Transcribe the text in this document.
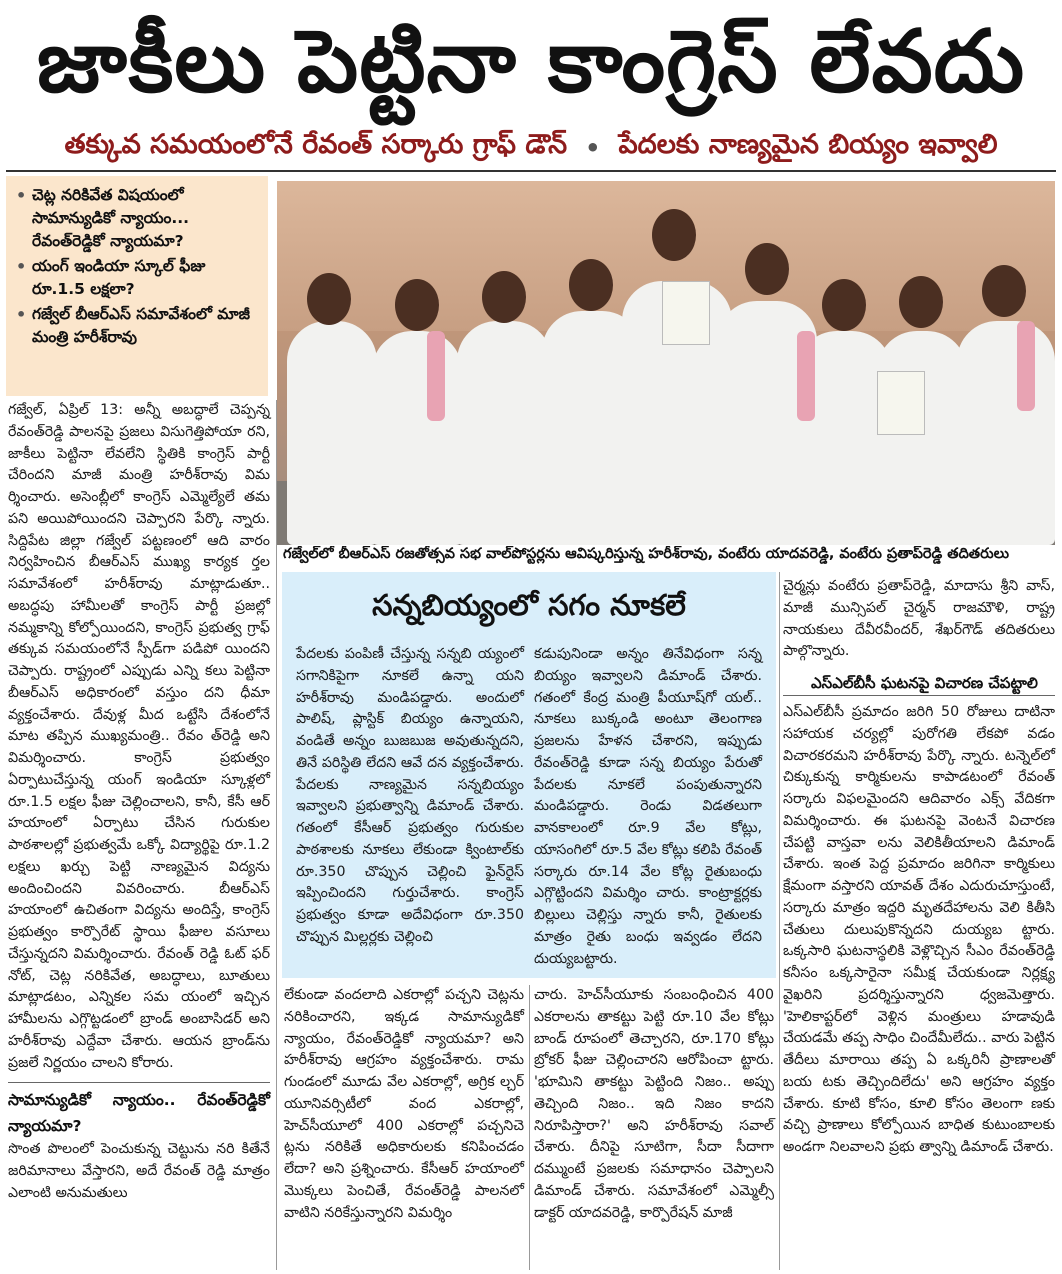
జాకీలు పెట్టినా కాంగ్రెస్ లేవదు
తక్కువ సమయంలోనే రేవంత్ సర్కారు గ్రాఫ్ డౌన్ • పేదలకు నాణ్యమైన బియ్యం ఇవ్వాలి
• చెట్ల నరికివేత విషయంలో సామాన్యుడికో న్యాయం... రేవంత్‌రెడ్డికో న్యాయమా?
• యంగ్ ఇండియా స్కూల్ ఫీజు రూ.1.5 లక్షలా?
• గజ్వేల్ బీఆర్ఎస్ సమావేశంలో మాజీ మంత్రి హరీశ్‌రావు
గజ్వేల్‌లో బీఆర్ఎస్ రజతోత్సవ సభ వాల్‌పోస్టర్లను ఆవిష్కరిస్తున్న హరీశ్‌రావు, వంటేరు యాదవరెడ్డి, వంటేరు ప్రతాప్‌రెడ్డి తదితరులు

గజ్వేల్, ఏప్రిల్ 13: అన్నీ అబద్ధాలే చెప్పన్న రేవంత్‌రెడ్డి పాలనపై ప్రజలు విసుగెత్తిపోయా రని, జాకీలు పెట్టినా లేవలేని స్థితికి కాంగ్రెస్ పార్టీ చేరిందని మాజీ మంత్రి హరీశ్‌రావు విమ ర్శించారు. అసెంబ్లీలో కాంగ్రెస్ ఎమ్మెల్యేలే తమ పని అయిపోయిందని చెప్పారని పేర్కొ న్నారు. సిద్దిపేట జిల్లా గజ్వేల్ పట్టణంలో ఆది వారం నిర్వహించిన బీఆర్ఎస్ ముఖ్య కార్యక ర్తల సమావేశంలో హరీశ్‌రావు మాట్లాడుతూ.. అబద్ధపు హామీలతో కాంగ్రెస్ పార్టీ ప్రజల్లో నమ్మకాన్ని కోల్పోయిందని, కాంగ్రెస్ ప్రభుత్వ గ్రాఫ్ తక్కువ సమయంలోనే స్పీడ్‌గా పడిపో యిందని చెప్పారు. రాష్ట్రంలో ఎప్పుడు ఎన్ని కలు పెట్టినా బీఆర్ఎస్ అధికారంలో వస్తుం దని ధీమా వ్యక్తంచేశారు. దేవుళ్ల మీద ఒట్టేసి దేశంలోనే మాట తప్పిన ముఖ్యమంత్రి.. రేవం త్‌రెడ్డి అని విమర్శించారు. కాంగ్రెస్ ప్రభుత్వం ఏర్పాటుచేస్తున్న యంగ్ ఇండియా స్కూళ్లలో రూ.1.5 లక్షల ఫీజు చెల్లించాలని, కానీ, కేసీ ఆర్ హయాంలో ఏర్పాటు చేసిన గురుకుల పాఠశాలల్లో ప్రభుత్వమే ఒక్కో విద్యార్థిపై రూ.1.2 లక్షలు ఖర్చు పెట్టి నాణ్యమైన విద్యను అందించిందని వివరించారు. బీఆర్ఎస్ హయాంలో ఉచితంగా విద్యను అందిస్తే, కాంగ్రెస్ ప్రభుత్వం కార్పొరేట్ స్థాయి ఫీజుల వసూలు చేస్తున్నదని విమర్శించారు. రేవంత్ రెడ్డి ఓట్ ఫర్ నోట్, చెట్ల నరికివేత, అబద్ధాలు, బూతులు మాట్లాడటం, ఎన్నికల సమ యంలో ఇచ్చిన హామీలను ఎగ్గొట్టడంలో బ్రాండ్ అంబాసిడర్ అని హరీశ్‌రావు ఎద్దేవా చేశారు. ఆయన బ్రాండ్‌ను ప్రజలే నిర్ణయం చాలని కోరారు.

సామాన్యుడికో న్యాయం.. రేవంత్‌రెడ్డికో న్యాయమా?

సొంత పొలంలో పెంచుకున్న చెట్టును నరి కితేనే జరిమానాలు వేస్తారని, అదే రేవంత్ రెడ్డి మాత్రం ఎలాంటి అనుమతులు

సన్నబియ్యంలో సగం నూకలే
పేదలకు పంపిణీ చేస్తున్న సన్నబి య్యంలో సగానికిపైగా నూకలే ఉన్నా యని హరీశ్‌రావు మండిపడ్డారు. అందులో పాలిష్, ప్లాస్టిక్ బియ్యం ఉన్నాయని, వండితే అన్నం బుజబుజ అవుతున్నదని, తినే పరిస్థితి లేదని ఆవే దన వ్యక్తంచేశారు. పేదలకు నాణ్యమైన సన్నబియ్యం ఇవ్వాలని ప్రభుత్వాన్ని డిమాండ్ చేశారు. గతంలో కేసీఆర్ ప్రభుత్వం గురుకుల పాఠశాలకు నూకలు లేకుండా క్వింటాల్‌కు రూ.350 చొప్పున చెల్లించి ఫైన్‌రైస్ ఇప్పించిందని గుర్తుచేశారు. కాంగ్రెస్ ప్రభుత్వం కూడా అదేవిధంగా రూ.350 చొప్పున మిల్లర్లకు చెల్లించి
కడుపునిండా అన్నం తినేవిధంగా సన్న బియ్యం ఇవ్వాలని డిమాండ్ చేశారు. గతంలో కేంద్ర మంత్రి పీయూష్‌గో యల్.. నూకలు బుక్కండి అంటూ తెలంగాణ ప్రజలను హేళన చేశారని, ఇప్పుడు రేవంత్‌రెడ్డి కూడా సన్న బియ్యం పేరుతో పేదలకు నూకలే పంపుతున్నారని మండిపడ్డారు. రెండు విడతలుగా వానకాలంలో రూ.9 వేల కోట్లు, యాసంగిలో రూ.5 వేల కోట్లు కలిపి రేవంత్ సర్కారు రూ.14 వేల కోట్ల రైతుబంధు ఎగ్గొట్టిందని విమర్శిం చారు. కాంట్రాక్టర్లకు బిల్లులు చెల్లిస్తు న్నారు కానీ, రైతులకు మాత్రం రైతు బంధు ఇవ్వడం లేదని దుయ్యబట్టారు.
లేకుండా వందలాది ఎకరాల్లో పచ్చని చెట్లను నరికించారని, ఇక్కడ సామాన్యుడికో న్యాయం, రేవంత్‌రెడ్డికో న్యాయమా? అని హరీశ్‌రావు ఆగ్రహం వ్యక్తంచేశారు. రామ గుండంలో మూడు వేల ఎకరాల్లో, అగ్రిక ల్చర్ యూనివర్సిటీలో వంద ఎకరాల్లో, హెచ్‌సీయూలో 400 ఎకరాల్లో పచ్చనిచె ట్లను నరికితే అధికారులకు కనిపించడం లేదా? అని ప్రశ్నించారు. కేసీఆర్ హయాంలో మొక్కలు పెంచితే, రేవంత్‌రెడ్డి పాలనలో వాటిని నరికేస్తున్నారని విమర్శిం
చారు. హెచ్‌సీయూకు సంబంధించిన 400 ఎకరాలను తాకట్టు పెట్టి రూ.10 వేల కోట్లు బాండ్ రూపంలో తెచ్చారని, రూ.170 కోట్లు బ్రోకర్ ఫీజు చెల్లించారని ఆరోపించా ట్టారు. 'భూమిని తాకట్టు పెట్టింది నిజం.. అప్పు తెచ్చింది నిజం.. ఇది నిజం కాదని నిరూపిస్తారా?' అని హరీశ్‌రావు సవాల్ చేశారు. దీనిపై సూటిగా, సీదా సీదాగా దమ్ముంటే ప్రజలకు సమాధానం చెప్పాలని డిమాండ్ చేశారు. సమావేశంలో ఎమ్మెల్సీ డాక్టర్ యాదవరెడ్డి, కార్పొరేషన్ మాజీ

చైర్మన్లు వంటేరు ప్రతాప్‌రెడ్డి, మాదాసు శ్రీని వాస్, మాజీ మున్సిపల్ చైర్మన్ రాజమౌళి, రాష్ట్ర నాయకులు దేవీరవీందర్, శేఖర్‌గౌడ్ తదితరులు పాల్గొన్నారు.

ఎస్ఎల్‌బీసీ ఘటనపై విచారణ చేపట్టాలి

ఎస్ఎల్‌బీసీ ప్రమాదం జరిగి 50 రోజులు దాటినా సహాయక చర్యల్లో పురోగతి లేకపో వడం విచారకరమని హరీశ్‌రావు పేర్కొ న్నారు. టన్నెల్‌లో చిక్కుకున్న కార్మికులను కాపాడటంలో రేవంత్ సర్కారు విఫలమైందని ఆదివారం ఎక్స్ వేదికగా విమర్శించారు. ఈ ఘటనపై వెంటనే విచారణ చేపట్టి వాస్తవా లను వెలికితీయాలని డిమాండ్ చేశారు. ఇంత పెద్ద ప్రమాదం జరిగినా కార్మికులు క్షేమంగా వస్తారని యావత్ దేశం ఎదురుచూస్తుంటే, సర్కారు మాత్రం ఇద్దరి మృతదేహాలను వెలి కితీసి చేతులు దులుపుకొన్నదని దుయ్యబ ట్టారు. ఒక్కసారి ఘటనాస్థలికి వెళ్లొచ్చిన సీఎం రేవంత్‌రెడ్డి కనీసం ఒక్కసారైనా సమీక్ష చేయకుండా నిర్లక్ష్య వైఖరిని ప్రదర్శిస్తున్నారని ధ్వజమెత్తారు. 'హెలికాప్టర్‌లో వెళ్లిన మంత్రులు హడావుడి చేయడమే తప్ప సాధిం చిందేమీలేదు.. వారు పెట్టిన తేదీలు మారాయి తప్ప ఏ ఒక్కరినీ ప్రాణాలతో బయ టకు తెచ్చిందిలేదు' అని ఆగ్రహం వ్యక్తం చేశారు. కూటి కోసం, కూలి కోసం తెలంగా ణకు వచ్చి ప్రాణాలు కోల్పోయిన బాధిత కుటుంబాలకు అండగా నిలవాలని ప్రభు త్వాన్ని డిమాండ్ చేశారు.
